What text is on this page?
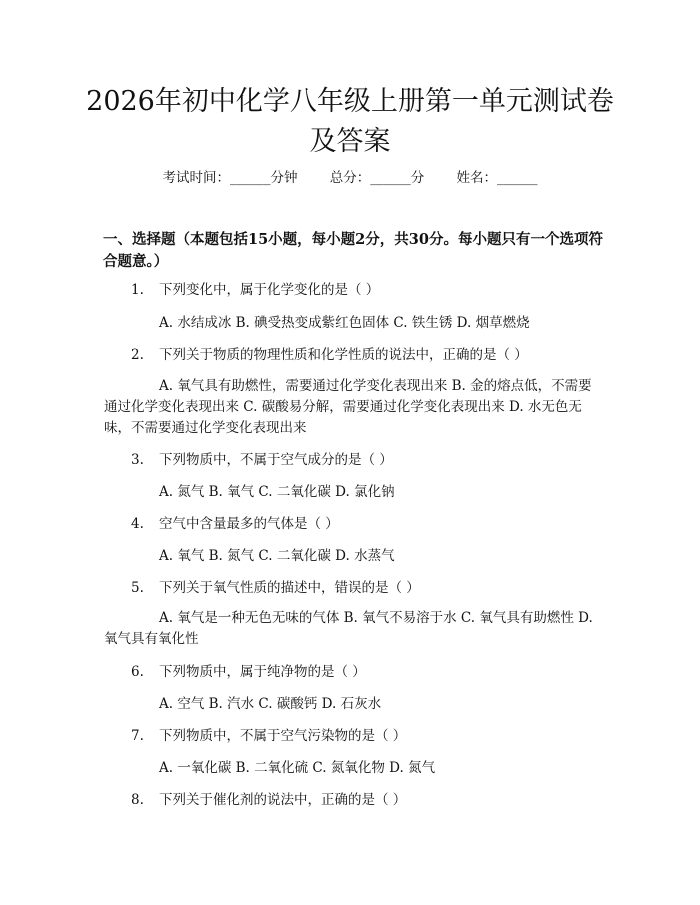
2026年初中化学八年级上册第一单元测试卷
及答案
考试时间：______分钟 总分：______分 姓名：______
一、选择题（本题包括15小题，每小题2分，共30分。每小题只有一个选项符合题意。）
1. 下列变化中，属于化学变化的是（ ）
A. 水结成冰 B. 碘受热变成紫红色固体 C. 铁生锈 D. 烟草燃烧
2. 下列关于物质的物理性质和化学性质的说法中，正确的是（ ）
A. 氧气具有助燃性，需要通过化学变化表现出来 B. 金的熔点低，不需要通过化学变化表现出来 C. 碳酸易分解，需要通过化学变化表现出来 D. 水无色无味，不需要通过化学变化表现出来
3. 下列物质中，不属于空气成分的是（ ）
A. 氮气 B. 氧气 C. 二氧化碳 D. 氯化钠
4. 空气中含量最多的气体是（ ）
A. 氧气 B. 氮气 C. 二氧化碳 D. 水蒸气
5. 下列关于氧气性质的描述中，错误的是（ ）
A. 氧气是一种无色无味的气体 B. 氧气不易溶于水 C. 氧气具有助燃性 D. 氧气具有氧化性
6. 下列物质中，属于纯净物的是（ ）
A. 空气 B. 汽水 C. 碳酸钙 D. 石灰水
7. 下列物质中，不属于空气污染物的是（ ）
A. 一氧化碳 B. 二氧化硫 C. 氮氧化物 D. 氮气
8. 下列关于催化剂的说法中，正确的是（ ）
